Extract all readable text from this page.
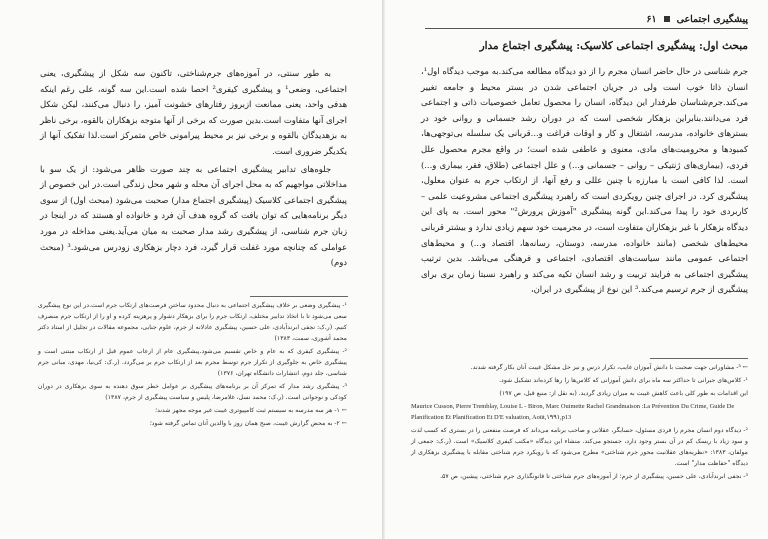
به طور سنتی، در آموزه‌های جرم‌شناختی، تاکنون سه شکل از پیشگیری، یعنی اجتماعی، وضعی¹ و پیشگیری کیفری² احصا شده است.این سه گونه، علی رغم اینکه هدفی واحد، یعنی ممانعت ازبروز رفتارهای خشونت آمیز، را دنبال می‌کنند، لیکن شکل اجرای آنها متفاوت است.بدین صورت که برخی از آنها متوجه بزهکاران بالقوه، برخی ناظر به بزهدیدگان بالقوه و برخی نیز بر محیط پیرامونی خاص متمرکز است.لذا تفکیک آنها از یکدیگر ضروری است.

جلوه‌های تدابیر پیشگیری اجتماعی به چند صورت ظاهر می‌شود: از یک سو با مداخلاتی مواجهیم که به محل اجرای آن محله و شهر محل زندگی است.در این خصوص از پیشگیری اجتماعی کلاسیک (پیشگیری اجتماع مدار) صحبت می‌شود (مبحث اول) از سوی دیگر برنامه‌هایی که توان یافت که گروه هدف آن فرد و خانواده او هستند که در اینجا در زبان جرم شناسی، از پیشگیری رشد مدار صحبت به میان می‌آید.یعنی مداخله در مورد عواملی که چنانچه مورد غفلت قرار گیرد، فرد دچار بزهکاری زودرس می‌شود.³ (مبحث دوم)

¹- پیشگیری وضعی بر خلاف پیشگیری اجتماعی به دنبال محدود ساختن فرصت‌های ارتکاب جرم است.در این نوع پیشگیری سعی می‌شود تا با اتخاذ تدابیر مختلف، ارتکاب جرم را برای بزهکار دشوار و پرهزینه کرده و او را از ارتکاب جرم منصرف کنیم. (ر.ک: نجفی ابرندآبادی، علی حسین، پیشگیری عادلانه از جرم، علوم جنایی، مجموعه مقالات در تجلیل از استاد دکتر محمد آشوری، سمت، ۱۳۸۳)

²- پیشگیری کیفری که به عام و خاص تقسیم می‌شود.پیشگیری عام از ارعاب عموم قبل از ارتکاب مبتنی است و پیشگیری خاص به جلوگیری از تکرار جرم توسط مجرم بعد از ارتکاب جرم بر می‌گردد. (ر.ک: کی‌نیا، مهدی، مبانی جرم شناسی، جلد دوم، انتشارات دانشگاه تهران، ۱۳۷۶)

³- پیشگیری رشد مدار که تمرکز آن بر برنامه‌های پیشگیری بر عوامل خطر سوق دهنده به سوی بزهکاری در دوران کودکی و نوجوانی است. (ر.ک: محمد نسل، غلامرضا، پلیس و سیاست پیشگیری از جرم، ۱۳۸۷)

← ۱- هر سه مدرسه به سیستم ثبت کامپیوتری غیبت غیر موجه مجهز شدند؛

← ۲- به محض گزارش غیبت، صبح همان روز با والدین آنان تماس گرفته شود؛

پیشگیری اجتماعی
۶۱
مبحث اول: پیشگیری اجتماعی کلاسیک: پیشگیری اجتماع مدار

جرم شناسی در حال حاضر انسان مجرم را از دو دیدگاه مطالعه می‌کند.به موجب دیدگاه اول¹، انسان ذاتا خوب است ولی در جریان اجتماعی شدن در بستر محیط و جامعه تغییر می‌کند.جرم‌شناسان طرفدار این دیدگاه، انسان را محصول تعامل خصوصیات ذاتی و اجتماعی فرد می‌دانند.بنابراین بزهکار شخصی است که در دوران رشد جسمانی و روانی خود در بسترهای خانواده، مدرسه، اشتغال و کار و اوقات فراغت و...قربانی یک سلسله بی‌توجهی‌ها، کمبودها و محرومیت‌های مادی، معنوی و عاطفی شده است؛ در واقع مجرم محصول علل فردی، (بیماری‌های ژنتیکی – روانی – جسمانی و...) و علل اجتماعی (طلاق، فقر، بیماری و...) است. لذا کافی است با مبارزه با چنین عللی و رفع آنها، از ارتکاب جرم به عنوان معلول، پیشگیری کرد. در اجرای چنین رویکردی است که راهبرد پیشگیری اجتماعی مشروعیت علمی – کاربردی خود را پیدا می‌کند.این گونه پیشگیری "آموزش‌ پرورش²" محور است. به پای‌ این دیدگاه بزهکار با غیر بزهکاران متفاوت است، در مجرمیت خود سهم زیادی ندارد و بیشتر قربانی محیط‌های شخصی (مانند خانواده، مدرسه، دوستان، رسانه‌ها، اقتصاد و...) و محیط‌های اجتماعی عمومی مانند سیاست‌های اقتصادی، اجتماعی و فرهنگی می‌باشد. بدین ترتیب پیشگیری اجتماعی به فرایند تربیت و رشد انسان تکیه می‌کند و راهبرد نسبتا زمان بری برای پیشگیری از جرم ترسیم می‌کند.³ این نوع از پیشگیری در ایران،

← ³- مشاورانی جهت صحبت با دانش آموزان غایب، تکرار درس و نیز حل مشکل غیبت آنان بکار گرفته شدند.

¹- کلاس‌های جبرانی تا حداکثر سه ماه برای دانش آموزانی که کلاس‌ها را رها کرده‌اند تشکیل شود.

این اقدامات به طور کلی باعث کاهش غیبت به میزان زیادی گردید. (به نقل از: منبع قبل، ص ۱۹۷)

Maurice Cusson, Pierre Tremblay, Louise L - Biron, Marc Ouimette Rachel Grandmaison :La Prévention Du Crime, Guide De Planification Et Planification Et D'E valuation, Aoüt,۱۹۹۱,p13

²- دیدگاه دوم انسان مجرم را فردی مسئول، حسابگر، عقلانی و صاحب برنامه می‌داند که فرصت منفعتی را در بستری که کسب لذت و سود زیاد با ریسک کم در آن بستر وجود دارد، جستجو می‌کند. منشاء این دیدگاه «مکتب کیفری کلاسیک» است. (ر.ک: جمعی از مولفان، ۱۳۸۳: «نظریه‌های عقلانیت محور جرم شناختی» مطرح می‌شود که با رویکرد جرم شناختی مقابله با پیشگیری بزهکاری از دیدگاه "حفاظت مدار" است.

³- نجفی ابرندآبادی، علی حسین، پیشگیری از جرم؛ از آموزه‌های جرم شناختی تا قانونگذاری جرم شناختی، پیشین، ص ۵۷.
